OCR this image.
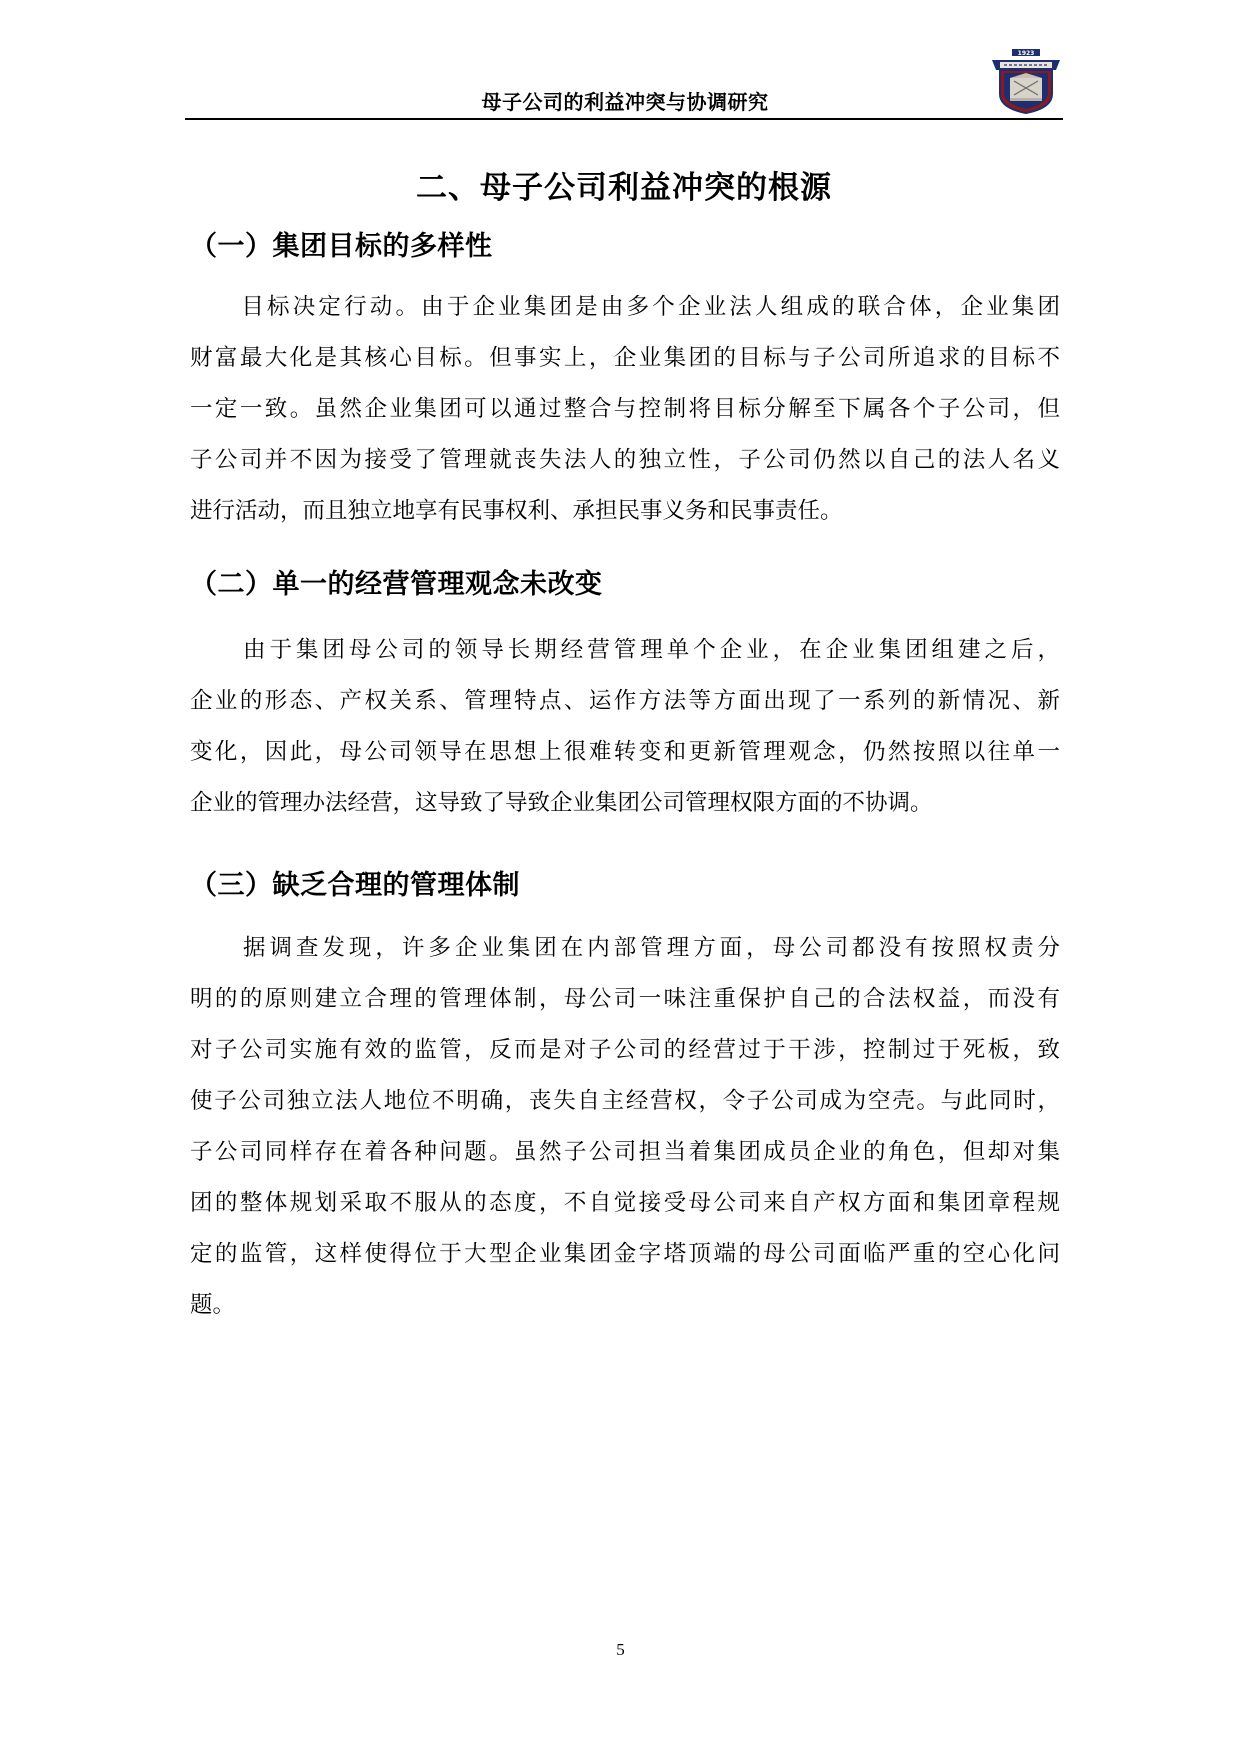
1923
母子公司的利益冲突与协调研究
二、母子公司利益冲突的根源
（一）集团目标的多样性
　　目标决定行动。由于企业集团是由多个企业法人组成的联合体，企业集团
财富最大化是其核心目标。但事实上，企业集团的目标与子公司所追求的目标不
一定一致。虽然企业集团可以通过整合与控制将目标分解至下属各个子公司，但
子公司并不因为接受了管理就丧失法人的独立性，子公司仍然以自己的法人名义
进行活动，而且独立地享有民事权利、承担民事义务和民事责任。
（二）单一的经营管理观念未改变
　　由于集团母公司的领导长期经营管理单个企业，在企业集团组建之后，
企业的形态、产权关系、管理特点、运作方法等方面出现了一系列的新情况、新
变化，因此，母公司领导在思想上很难转变和更新管理观念，仍然按照以往单一
企业的管理办法经营，这导致了导致企业集团公司管理权限方面的不协调。
（三）缺乏合理的管理体制
　　据调查发现，许多企业集团在内部管理方面，母公司都没有按照权责分
明的的原则建立合理的管理体制，母公司一味注重保护自己的合法权益，而没有
对子公司实施有效的监管，反而是对子公司的经营过于干涉，控制过于死板，致
使子公司独立法人地位不明确，丧失自主经营权，令子公司成为空壳。与此同时，
子公司同样存在着各种问题。虽然子公司担当着集团成员企业的角色，但却对集
团的整体规划采取不服从的态度，不自觉接受母公司来自产权方面和集团章程规
定的监管，这样使得位于大型企业集团金字塔顶端的母公司面临严重的空心化问
题。
5
